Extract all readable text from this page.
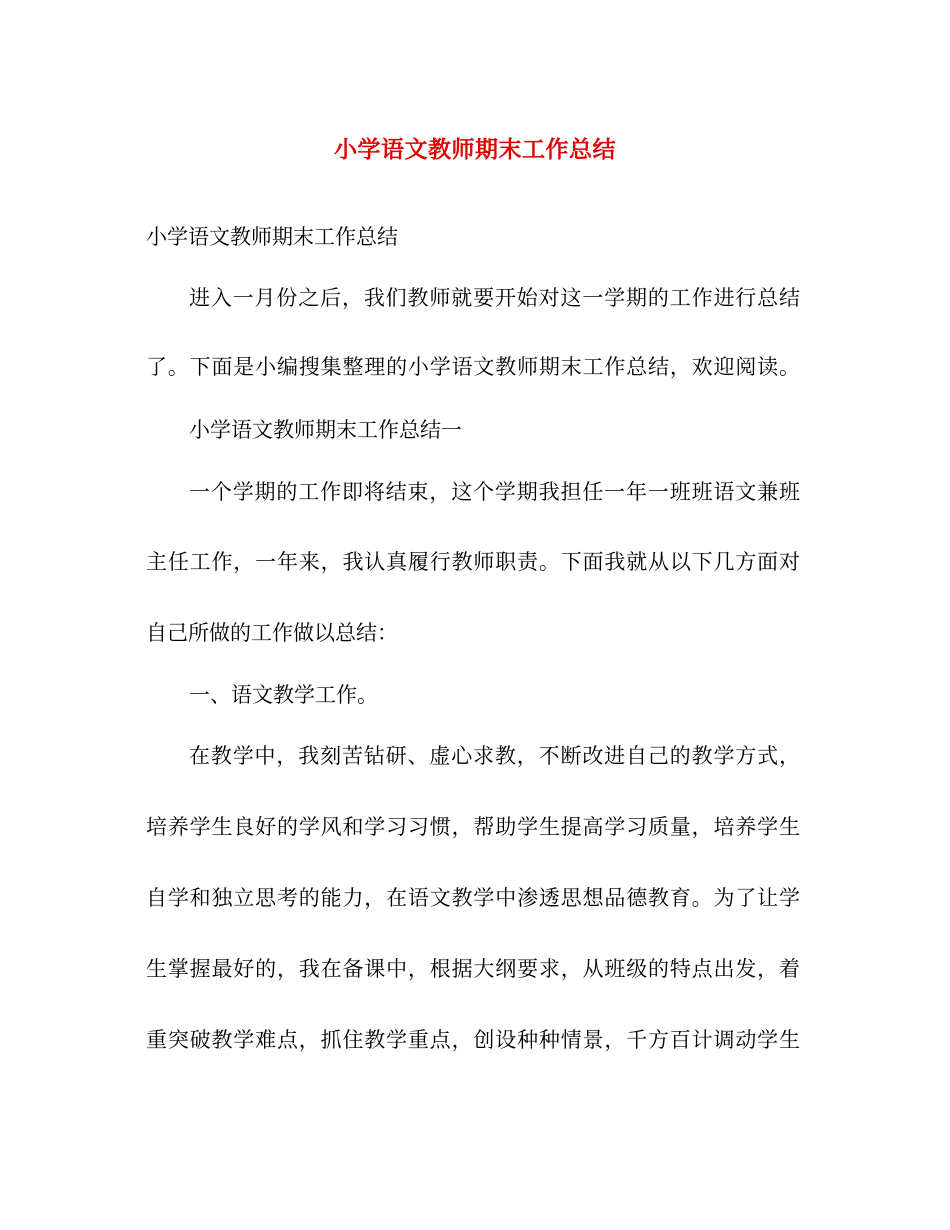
小学语文教师期末工作总结
小学语文教师期末工作总结
进入一月份之后，我们教师就要开始对这一学期的工作进行总结
了。下面是小编搜集整理的小学语文教师期末工作总结，欢迎阅读。
小学语文教师期末工作总结一
一个学期的工作即将结束，这个学期我担任一年一班班语文兼班
主任工作，一年来，我认真履行教师职责。下面我就从以下几方面对
自己所做的工作做以总结：
一、语文教学工作。
在教学中，我刻苦钻研、虚心求教，不断改进自己的教学方式，
培养学生良好的学风和学习习惯，帮助学生提高学习质量，培养学生
自学和独立思考的能力，在语文教学中渗透思想品德教育。为了让学
生掌握最好的，我在备课中，根据大纲要求，从班级的特点出发，着
重突破教学难点，抓住教学重点，创设种种情景，千方百计调动学生
